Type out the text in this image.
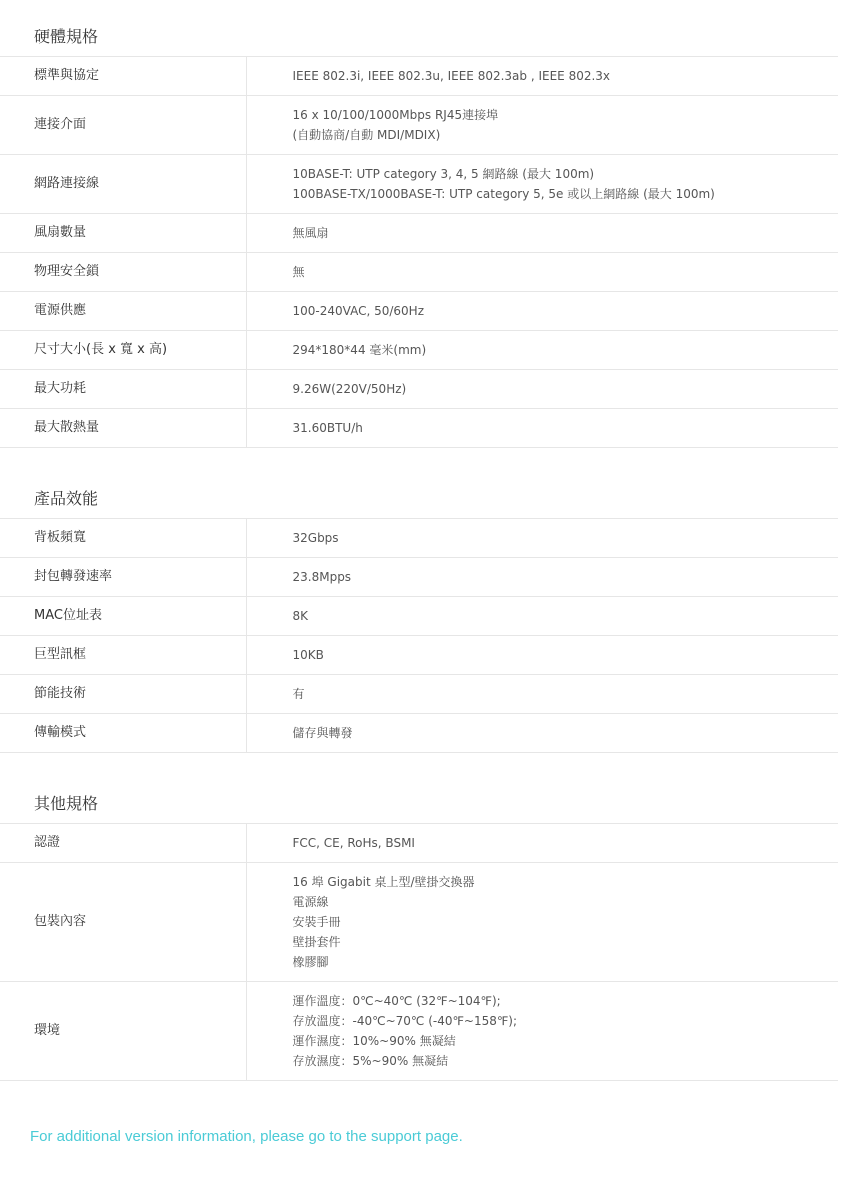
硬體規格
標準與協定	IEEE 802.3i, IEEE 802.3u, IEEE 802.3ab , IEEE 802.3x

連接介面	16 x 10/100/1000Mbps RJ45連接埠
(自動協商/自動 MDI/MDIX)

網路連接線	10BASE-T: UTP category 3, 4, 5 網路線 (最大 100m)
100BASE-TX/1000BASE-T: UTP category 5, 5e 或以上網路線 (最大 100m)

風扇數量	無風扇

物理安全鎖	無

電源供應	100-240VAC, 50/60Hz

尺寸大小(長 x 寬 x 高)	294*180*44 毫米(mm)

最大功耗	9.26W(220V/50Hz)

最大散熱量	31.60BTU/h
產品效能
背板頻寬	32Gbps

封包轉發速率	23.8Mpps

MAC位址表	8K

巨型訊框	10KB

節能技術	有

傳輸模式	儲存與轉發
其他規格
認證	FCC, CE, RoHs, BSMI

包裝內容	16 埠 Gigabit 桌上型/壁掛交換器
電源線
安裝手冊
壁掛套件
橡膠腳

環境	運作溫度：0℃~40℃ (32℉~104℉);
存放溫度：-40℃~70℃ (-40℉~158℉);
運作濕度：10%~90% 無凝結
存放濕度：5%~90% 無凝結
For additional version information, please go to the support page.
